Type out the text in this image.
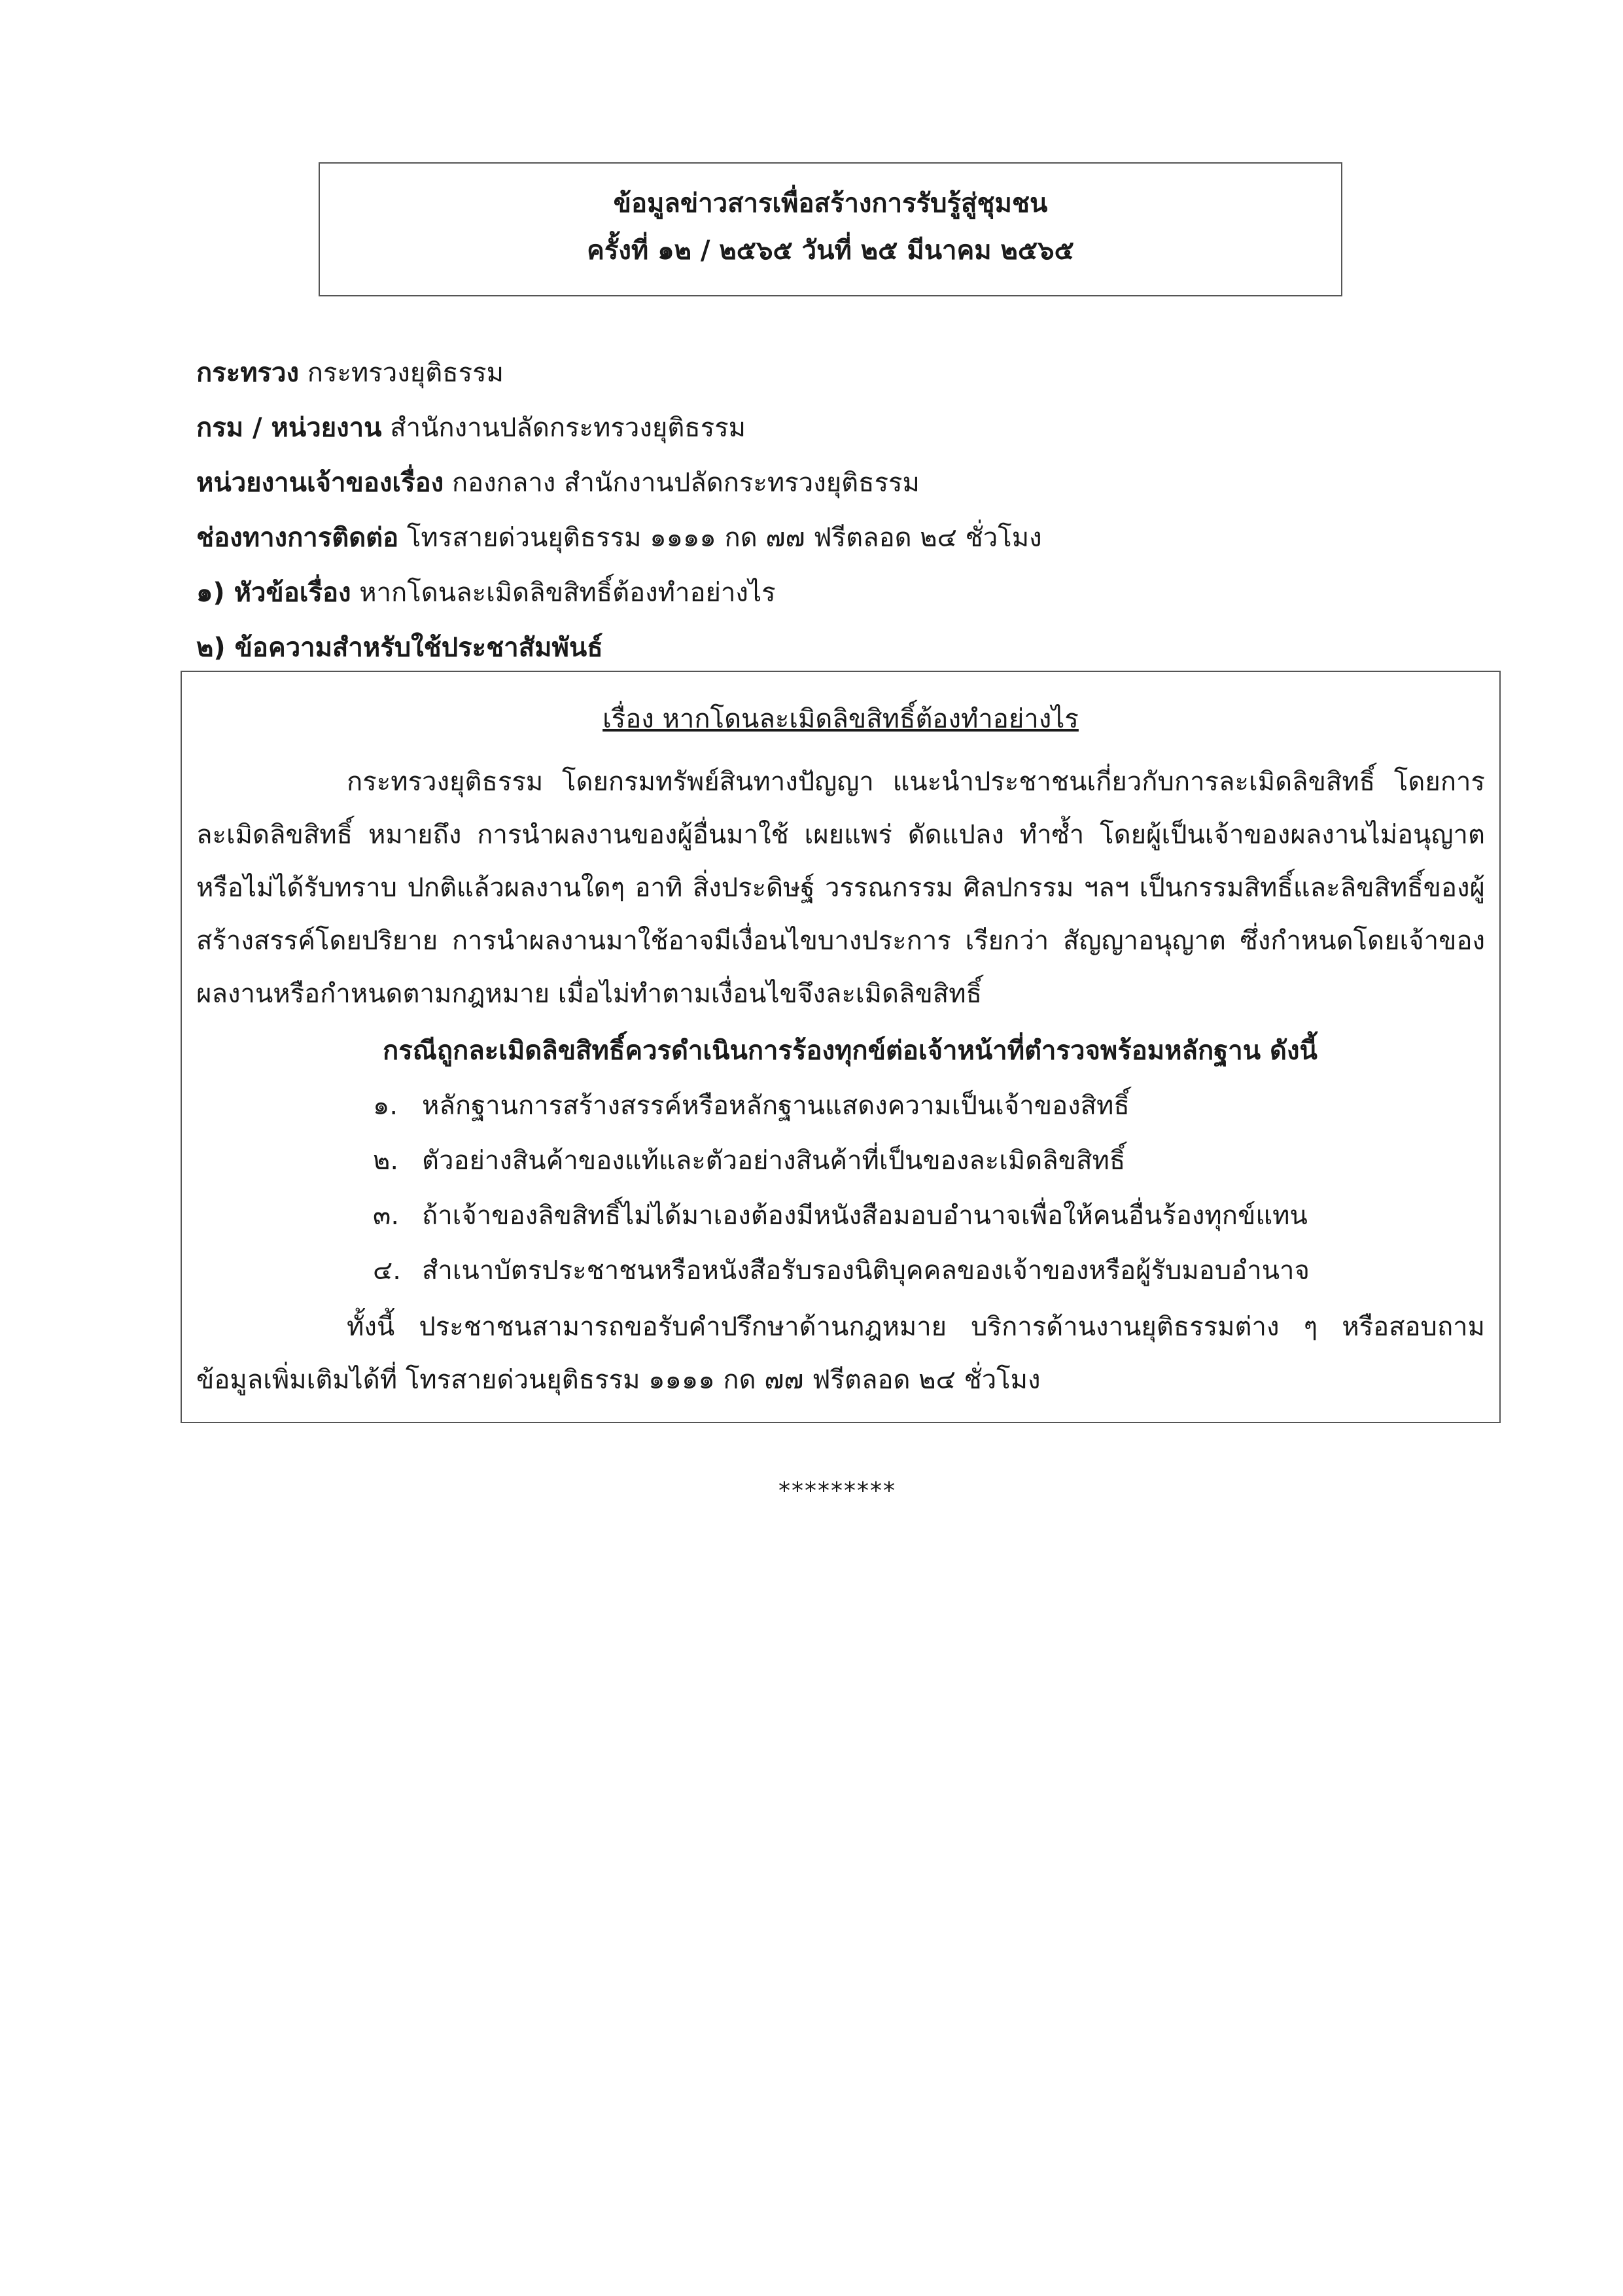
ข้อมูลข่าวสารเพื่อสร้างการรับรู้สู่ชุมชน
ครั้งที่ ๑๒ / ๒๕๖๕ วันที่ ๒๕ มีนาคม ๒๕๖๕
กระทรวง กระทรวงยุติธรรม
กรม / หน่วยงาน สำนักงานปลัดกระทรวงยุติธรรม
หน่วยงานเจ้าของเรื่อง กองกลาง สำนักงานปลัดกระทรวงยุติธรรม
ช่องทางการติดต่อ โทรสายด่วนยุติธรรม ๑๑๑๑ กด ๗๗ ฟรีตลอด ๒๔ ชั่วโมง
๑) หัวข้อเรื่อง หากโดนละเมิดลิขสิทธิ์ต้องทำอย่างไร
๒) ข้อความสำหรับใช้ประชาสัมพันธ์
เรื่อง หากโดนละเมิดลิขสิทธิ์ต้องทำอย่างไร
กระทรวงยุติธรรม โดยกรมทรัพย์สินทางปัญญา แนะนำประชาชนเกี่ยวกับการละเมิดลิขสิทธิ์ โดยการละเมิดลิขสิทธิ์ หมายถึง การนำผลงานของผู้อื่นมาใช้ เผยแพร่ ดัดแปลง ทำซ้ำ โดยผู้เป็นเจ้าของผลงานไม่อนุญาตหรือไม่ได้รับทราบ ปกติแล้วผลงานใดๆ อาทิ สิ่งประดิษฐ์ วรรณกรรม ศิลปกรรม ฯลฯ เป็นกรรมสิทธิ์และลิขสิทธิ์ของผู้สร้างสรรค์โดยปริยาย การนำผลงานมาใช้อาจมีเงื่อนไขบางประการ เรียกว่า สัญญาอนุญาต ซึ่งกำหนดโดยเจ้าของผลงานหรือกำหนดตามกฎหมาย เมื่อไม่ทำตามเงื่อนไขจึงละเมิดลิขสิทธิ์
กรณีถูกละเมิดลิขสิทธิ์ควรดำเนินการร้องทุกข์ต่อเจ้าหน้าที่ตำรวจพร้อมหลักฐาน ดังนี้
๑. หลักฐานการสร้างสรรค์หรือหลักฐานแสดงความเป็นเจ้าของสิทธิ์
๒. ตัวอย่างสินค้าของแท้และตัวอย่างสินค้าที่เป็นของละเมิดลิขสิทธิ์
๓. ถ้าเจ้าของลิขสิทธิ์ไม่ได้มาเองต้องมีหนังสือมอบอำนาจเพื่อให้คนอื่นร้องทุกข์แทน
๔. สำเนาบัตรประชาชนหรือหนังสือรับรองนิติบุคคลของเจ้าของหรือผู้รับมอบอำนาจ
ทั้งนี้ ประชาชนสามารถขอรับคำปรึกษาด้านกฎหมาย บริการด้านงานยุติธรรมต่าง ๆ หรือสอบถามข้อมูลเพิ่มเติมได้ที่ โทรสายด่วนยุติธรรม ๑๑๑๑ กด ๗๗ ฟรีตลอด ๒๔ ชั่วโมง
*********
